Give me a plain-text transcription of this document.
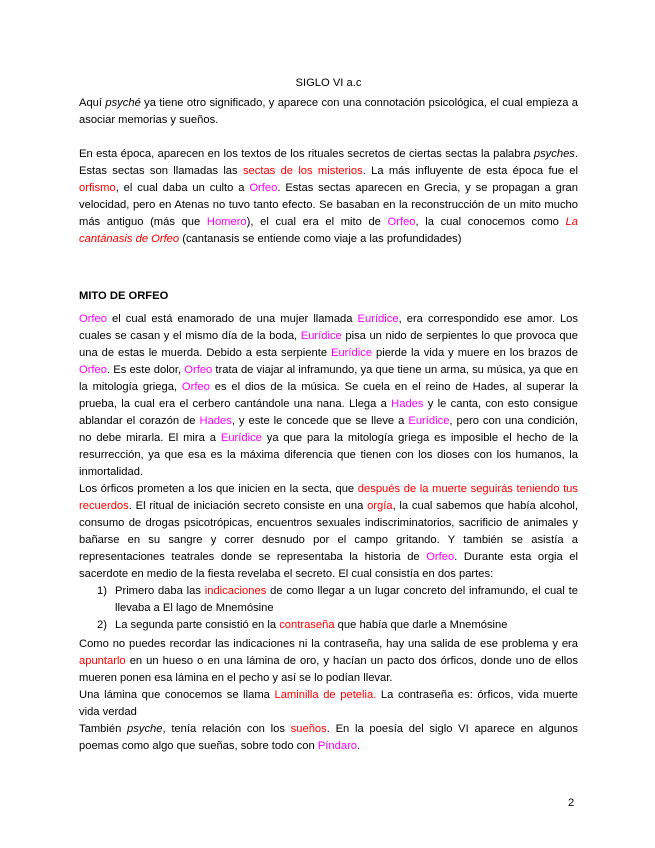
SIGLO VI a.c

Aquí psyché ya tiene otro significado, y aparece con una connotación psicológica, el cual empieza a asociar memorias y sueños.

En esta época, aparecen en los textos de los rituales secretos de ciertas sectas la palabra psyches. Estas sectas son llamadas las sectas de los misterios. La más influyente de esta época fue el orfismo, el cual daba un culto a Orfeo. Estas sectas aparecen en Grecia, y se propagan a gran velocidad, pero en Atenas no tuvo tanto efecto. Se basaban en la reconstrucción de un mito mucho más antiguo (más que Homero), el cual era el mito de Orfeo, la cual conocemos como La cantánasis de Orfeo (cantanasis se entiende como viaje a las profundidades)

MITO DE ORFEO

Orfeo el cual está enamorado de una mujer llamada Eurídice, era correspondido ese amor. Los cuales se casan y el mismo día de la boda, Eurídice pisa un nido de serpientes lo que provoca que una de estas le muerda. Debido a esta serpiente Eurídice pierde la vida y muere en los brazos de Orfeo. Es este dolor, Orfeo trata de viajar al inframundo, ya que tiene un arma, su música, ya que en la mitología griega, Orfeo es el dios de la música. Se cuela en el reino de Hades, al superar la prueba, la cual era el cerbero cantándole una nana. Llega a Hades y le canta, con esto consigue ablandar el corazón de Hades, y este le concede que se lleve a Eurídice, pero con una condición, no debe mirarla. El mira a Eurídice ya que para la mitología griega es imposible el hecho de la resurrección, ya que esa es la máxima diferencia que tienen con los dioses con los humanos, la inmortalidad.

Los órficos prometen a los que inicien en la secta, que después de la muerte seguirás teniendo tus recuerdos. El ritual de iniciación secreto consiste en una orgía, la cual sabemos que había alcohol, consumo de drogas psicotrópicas, encuentros sexuales indiscriminatorios, sacrificio de animales y bañarse en su sangre y correr desnudo por el campo gritando. Y también se asistía a representaciones teatrales donde se representaba la historia de Orfeo. Durante esta orgia el sacerdote en medio de la fiesta revelaba el secreto. El cual consistía en dos partes:

1) Primero daba las indicaciones de como llegar a un lugar concreto del inframundo, el cual te llevaba a El lago de Mnemósine
2) La segunda parte consistió en la contraseña que había que darle a Mnemósine

Como no puedes recordar las indicaciones ni la contraseña, hay una salida de ese problema y era apuntarlo en un hueso o en una lámina de oro, y hacían un pacto dos órficos, donde uno de ellos mueren ponen esa lámina en el pecho y así se lo podían llevar.

Una lámina que conocemos se llama Laminilla de petelia. La contraseña es: órficos, vida muerte vida verdad

También psyche, tenía relación con los sueños. En la poesía del siglo VI aparece en algunos poemas como algo que sueñas, sobre todo con Píndaro.

2
